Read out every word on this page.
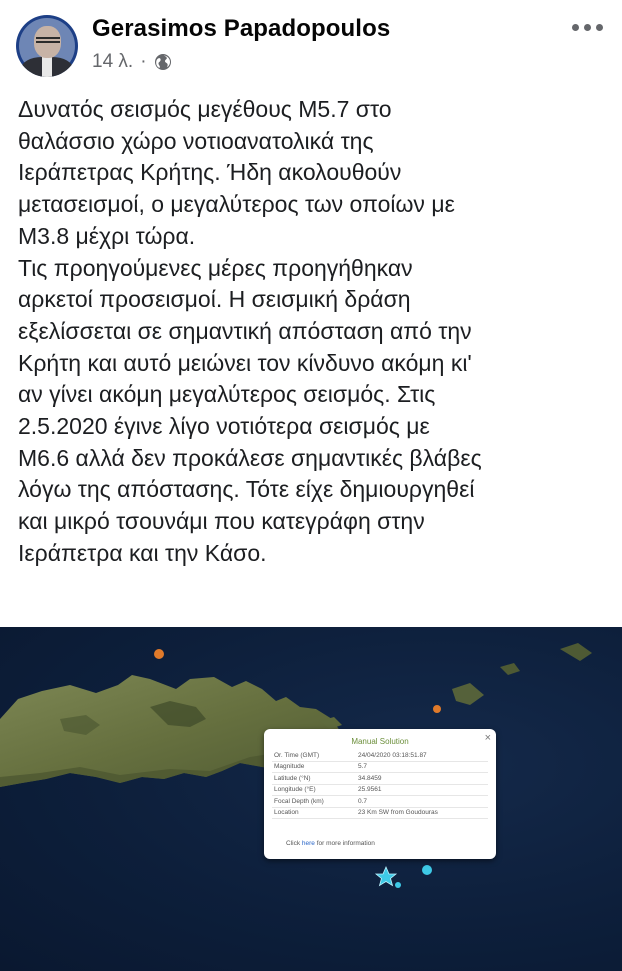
Gerasimos Papadopoulos
14 λ. ·
Δυνατός σεισμός μεγέθους Μ5.7 στο
θαλάσσιο χώρο νοτιοανατολικά της
Ιεράπετρας Κρήτης. Ήδη ακολουθούν
μετασεισμοί, ο μεγαλύτερος των οποίων με
Μ3.8 μέχρι τώρα.
Τις προηγούμενες μέρες προηγήθηκαν
αρκετοί προσεισμοί. Η σεισμική δράση
εξελίσσεται σε σημαντική απόσταση από την
Κρήτη και αυτό μειώνει τον κίνδυνο ακόμη κι'
αν γίνει ακόμη μεγαλύτερος σεισμός. Στις
2.5.2020 έγινε λίγο νοτιότερα σεισμός με
Μ6.6 αλλά δεν προκάλεσε σημαντικές βλάβες
λόγω της απόστασης. Τότε είχε δημιουργηθεί
και μικρό τσουνάμι που κατεγράφη στην
Ιεράπετρα και την Κάσο.
×
Manual Solution
Or. Time (GMT)	24/04/2020 03:18:51.87
Magnitude	5.7
Latitude (°N)	34.8459
Longitude (°E)	25.9561
Focal Depth (km)	0.7
Location	23 Km SW from Goudouras
Click here for more information
